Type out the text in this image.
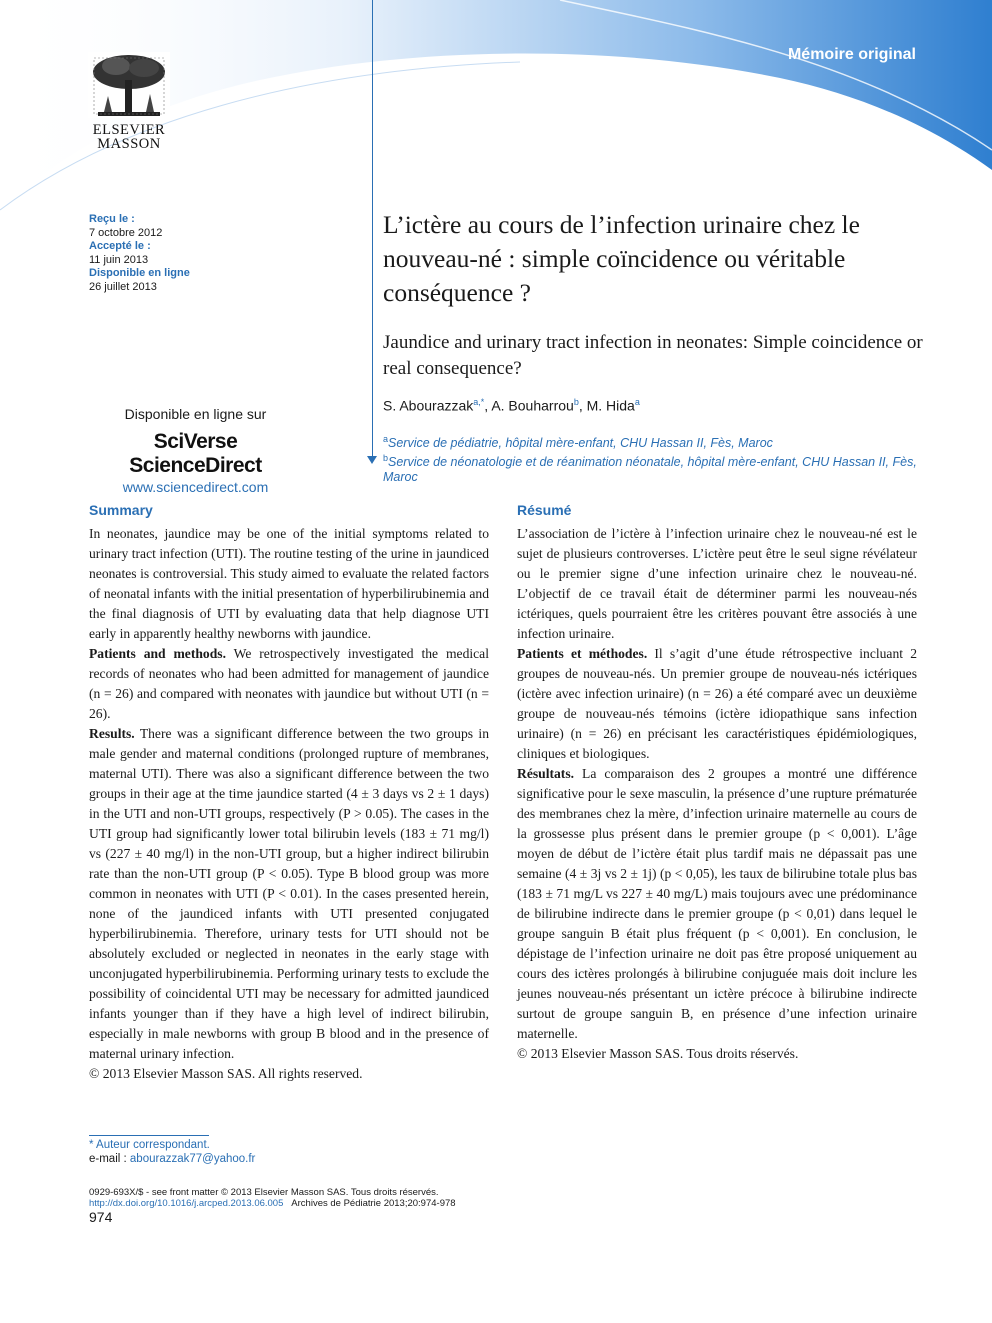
Mémoire original
ELSEVIER
MASSON
Reçu le :
7 octobre 2012
Accepté le :
11 juin 2013
Disponible en ligne
26 juillet 2013
Disponible en ligne sur
SciVerse ScienceDirect
www.sciencedirect.com
L’ictère au cours de l’infection urinaire chez le nouveau-né : simple coïncidence ou véritable conséquence ?
Jaundice and urinary tract infection in neonates: Simple coincidence or real consequence?
S. Abourazzak$^{a,*}$, A. Bouharrou$^b$, M. Hida$^a$
$^a$Service de pédiatrie, hôpital mère-enfant, CHU Hassan II, Fès, Maroc
$^b$Service de néonatologie et de réanimation néonatale, hôpital mère-enfant, CHU Hassan II, Fès, Maroc
Summary

In neonates, jaundice may be one of the initial symptoms related to urinary tract infection (UTI). The routine testing of the urine in jaundiced neonates is controversial. This study aimed to evaluate the related factors of neonatal infants with the initial presentation of hyperbilirubinemia and the final diagnosis of UTI by evaluating data that help diagnose UTI early in apparently healthy newborns with jaundice.

Patients and methods. We retrospectively investigated the medical records of neonates who had been admitted for management of jaundice (n = 26) and compared with neonates with jaundice but without UTI (n = 26).

Results. There was a significant difference between the two groups in male gender and maternal conditions (prolonged rupture of membranes, maternal UTI). There was also a significant difference between the two groups in their age at the time jaundice started (4 ± 3 days vs 2 ± 1 days) in the UTI and non-UTI groups, respectively (P > 0.05). The cases in the UTI group had significantly lower total bilirubin levels (183 ± 71 mg/l) vs (227 ± 40 mg/l) in the non-UTI group, but a higher indirect bilirubin rate than the non-UTI group (P < 0.05). Type B blood group was more common in neonates with UTI (P < 0.01). In the cases presented herein, none of the jaundiced infants with UTI presented conjugated hyperbilirubinemia. Therefore, urinary tests for UTI should not be absolutely excluded or neglected in neonates in the early stage with unconjugated hyperbilirubinemia. Performing urinary tests to exclude the possibility of coincidental UTI may be necessary for admitted jaundiced infants younger than if they have a high level of indirect bilirubin, especially in male newborns with group B blood and in the presence of maternal urinary infection.

© 2013 Elsevier Masson SAS. All rights reserved.

Résumé

L’association de l’ictère à l’infection urinaire chez le nouveau-né est le sujet de plusieurs controverses. L’ictère peut être le seul signe révélateur ou le premier signe d’une infection urinaire chez le nouveau-né. L’objectif de ce travail était de déterminer parmi les nouveau-nés ictériques, quels pourraient être les critères pouvant être associés à une infection urinaire.

Patients et méthodes. Il s’agit d’une étude rétrospective incluant 2 groupes de nouveau-nés. Un premier groupe de nouveau-nés ictériques (ictère avec infection urinaire) (n = 26) a été comparé avec un deuxième groupe de nouveau-nés témoins (ictère idiopathique sans infection urinaire) (n = 26) en précisant les caractéristiques épidémiologiques, cliniques et biologiques.

Résultats. La comparaison des 2 groupes a montré une différence significative pour le sexe masculin, la présence d’une rupture prématurée des membranes chez la mère, d’infection urinaire maternelle au cours de la grossesse plus présent dans le premier groupe (p < 0,001). L’âge moyen de début de l’ictère était plus tardif mais ne dépassait pas une semaine (4 ± 3j vs 2 ± 1j) (p < 0,05), les taux de bilirubine totale plus bas (183 ± 71 mg/L vs 227 ± 40 mg/L) mais toujours avec une prédominance de bilirubine indirecte dans le premier groupe (p < 0,01) dans lequel le groupe sanguin B était plus fréquent (p < 0,001). En conclusion, le dépistage de l’infection urinaire ne doit pas être proposé uniquement au cours des ictères prolongés à bilirubine conjuguée mais doit inclure les jeunes nouveau-nés présentant un ictère précoce à bilirubine indirecte surtout de groupe sanguin B, en présence d’une infection urinaire maternelle.

© 2013 Elsevier Masson SAS. Tous droits réservés.

* Auteur correspondant.
e-mail : abourazzak77@yahoo.fr
0929-693X/$ - see front matter © 2013 Elsevier Masson SAS. Tous droits réservés.
http://dx.doi.org/10.1016/j.arcped.2013.06.005 Archives de Pédiatrie 2013;20:974-978
974
